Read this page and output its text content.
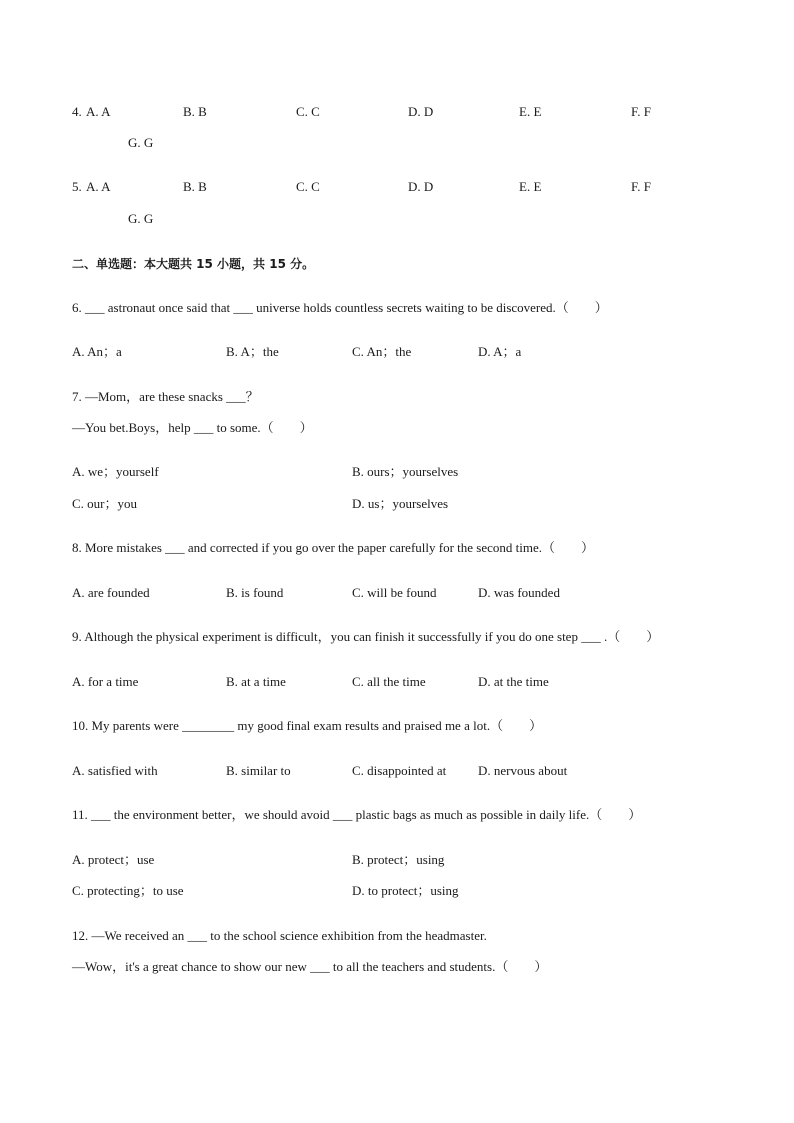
4. A. A	B. B	C. C	D. D	E. E	F. F
G. G
5. A. A	B. B	C. C	D. D	E. E	F. F
G. G
二、单选题：本大题共 15 小题，共 15 分。
6. ___ astronaut once said that ___ universe holds countless secrets waiting to be discovered.（　　）
A. An；a	B. A；the	C. An；the	D. A；a
7. —Mom，are these snacks ___？
—You bet.Boys，help ___ to some.（　　）
A. we；yourself	B. ours；yourselves
C. our；you	D. us；yourselves
8. More mistakes ___ and corrected if you go over the paper carefully for the second time.（　　）
A. are founded	B. is found	C. will be found	D. was founded
9. Although the physical experiment is difficult，you can finish it successfully if you do one step ___ .（　　）
A. for a time	B. at a time	C. all the time	D. at the time
10. My parents were ________ my good final exam results and praised me a lot.（　　）
A. satisfied with	B. similar to	C. disappointed at D. nervous about
11. ___ the environment better，we should avoid ___ plastic bags as much as possible in daily life.（　　）
A. protect；use	B. protect；using
C. protecting；to use	D. to protect；using
12. —We received an ___ to the school science exhibition from the headmaster.
—Wow，it's a great chance to show our new ___ to all the teachers and students.（　　）
